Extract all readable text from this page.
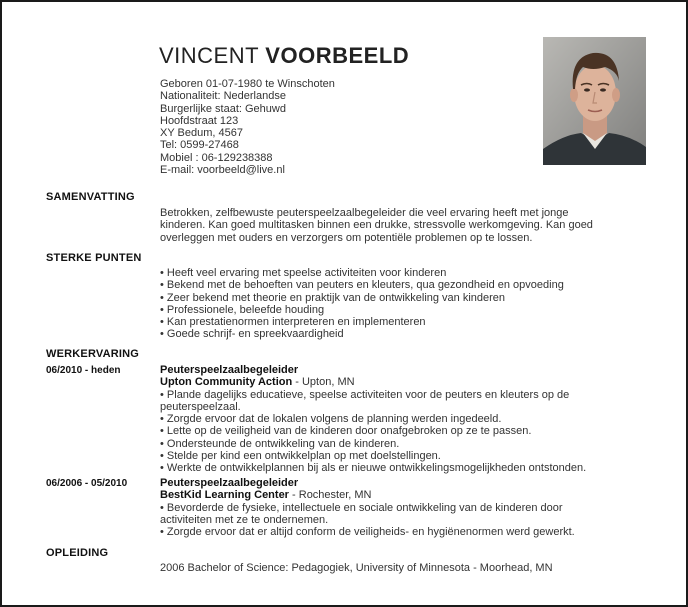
VINCENT VOORBEELD
Geboren 01-07-1980 te Winschoten
Nationaliteit: Nederlandse
Burgerlijke staat: Gehuwd
Hoofdstraat 123
XY Bedum, 4567
Tel: 0599-27468
Mobiel : 06-129238388
E-mail: voorbeeld@live.nl
SAMENVATTING
Betrokken, zelfbewuste peuterspeelzaalbegeleider die veel ervaring heeft met jonge
kinderen. Kan goed multitasken binnen een drukke, stressvolle werkomgeving. Kan goed
overleggen met ouders en verzorgers om potentiële problemen op te lossen.
STERKE PUNTEN
• Heeft veel ervaring met speelse activiteiten voor kinderen
• Bekend met de behoeften van peuters en kleuters, qua gezondheid en opvoeding
• Zeer bekend met theorie en praktijk van de ontwikkeling van kinderen
• Professionele, beleefde houding
• Kan prestatienormen interpreteren en implementeren
• Goede schrijf- en spreekvaardigheid
WERKERVARING
06/2010 - heden	Peuterspeelzaalbegeleider
Upton Community Action - Upton, MN
• Plande dagelijks educatieve, speelse activiteiten voor de peuters en kleuters op de
peuterspeelzaal.
• Zorgde ervoor dat de lokalen volgens de planning werden ingedeeld.
• Lette op de veiligheid van de kinderen door onafgebroken op ze te passen.
• Ondersteunde de ontwikkeling van de kinderen.
• Stelde per kind een ontwikkelplan op met doelstellingen.
• Werkte de ontwikkelplannen bij als er nieuwe ontwikkelingsmogelijkheden ontstonden.
06/2006 - 05/2010	Peuterspeelzaalbegeleider
BestKid Learning Center - Rochester, MN
• Bevorderde de fysieke, intellectuele en sociale ontwikkeling van de kinderen door
activiteiten met ze te ondernemen.
• Zorgde ervoor dat er altijd conform de veiligheids- en hygiënenormen werd gewerkt.
OPLEIDING
2006 Bachelor of Science: Pedagogiek, University of Minnesota - Moorhead, MN
